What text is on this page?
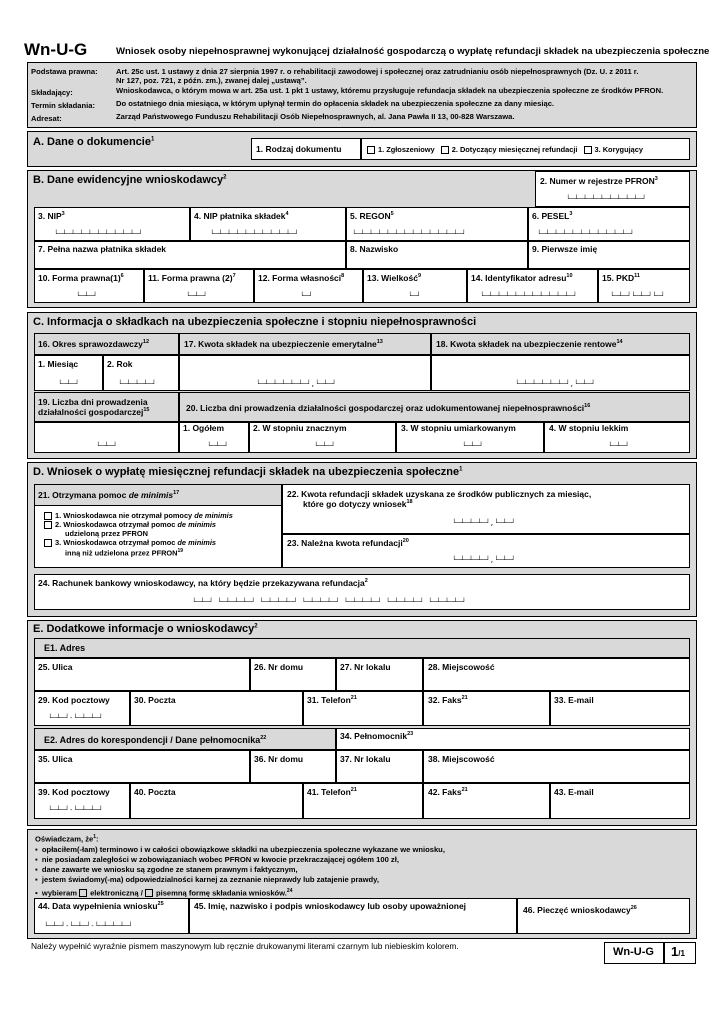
Wn-U-G	Wniosek osoby niepełnosprawnej wykonującej działalność gospodarczą o wypłatę refundacji składek na ubezpieczenia społeczne
Podstawa prawna: Art. 25c ust. 1 ustawy z dnia 27 sierpnia 1997 r. o rehabilitacji zawodowej i społecznej oraz zatrudnianiu osób niepełnosprawnych (Dz. U. z 2011 r.
Nr 127, poz. 721, z późn. zm.), zwanej dalej „ustawą”.
Składający:	Wnioskodawca, o którym mowa w art. 25a ust. 1 pkt 1 ustawy, któremu przysługuje refundacja składek na ubezpieczenia społeczne ze środków PFRON.
Termin składania:	Do ostatniego dnia miesiąca, w którym upłynął termin do opłacenia składek na ubezpieczenia społeczne za dany miesiąc.
Adresat:	Zarząd Państwowego Funduszu Rehabilitacji Osób Niepełnosprawnych, al. Jana Pawła II 13, 00-828 Warszawa.
A. Dane o dokumencie$^1$
1. Rodzaj dokumentu	1. Zgłoszeniowy 2. Dotyczący miesięcznej refundacji 3. Korygujący
B. Dane ewidencyjne wnioskodawcy$^2$	2. Numer w rejestrze PFRON$^3$
└─┴─┴─┴─┴─┴─┴─┴─┴─┘
3. NIP$^3$
└─┴─┴─┴─┴─┴─┴─┴─┴─┴─┘
4. NIP płatnika składek$^4$
└─┴─┴─┴─┴─┴─┴─┴─┴─┴─┘
5. REGON$^5$
└─┴─┴─┴─┴─┴─┴─┴─┴─┴─┴─┴─┴─┘
6. PESEL$^3$
└─┴─┴─┴─┴─┴─┴─┴─┴─┴─┴─┘
7. Pełna nazwa płatnika składek	8. Nazwisko	9. Pierwsze imię
10. Forma $prawna(1)^6$
└─┴─┘
11. Forma prawna $(2)^7$
└─┴─┘
12. Forma własności$^8$
└─┘
13. Wielkość$^9$
└─┘
14. Identyfikator adresu$^{10}$
└─┴─┴─┴─┴─┴─┴─┴─┴─┴─┴─┘
15. PKD$^{11}$
└─┴─┘└─┴─┘└─┘
C. Informacja o składkach na ubezpieczenia społeczne i stopniu niepełnosprawności
16. Okres sprawozdawczy$^{12}$	17. Kwota składek na ubezpieczenie emerytalne$^{13}$	18. Kwota składek na ubezpieczenie rentowe$^{14}$
1. Miesiąc
└─┴─┘
2. Rok
└─┴─┴─┴─┘	└─┴─┴─┴─┴─┴─┘,└─┴─┘	└─┴─┴─┴─┴─┴─┘,└─┴─┘
19. Liczba dni prowadzenia
działalności gospodarczej$^{15}$	20. Liczba dni prowadzenia działalności gospodarczej oraz udokumentowanej niepełnosprawności$^{16}$
└─┴─┘
1. Ogółem
└─┴─┘
2. W stopniu znacznym
└─┴─┘
3. W stopniu umiarkowanym
└─┴─┘
4. W stopniu lekkim
└─┴─┘
D. Wniosek o wypłatę miesięcznej refundacji składek na ubezpieczenia społeczne$^1$
21. Otrzymana pomoc de minimis$^{17}$
1. Wnioskodawca nie otrzymał pomocy de minimis
2. Wnioskodawca otrzymał pomoc de minimis
udzieloną przez PFRON
3. Wnioskodawca otrzymał pomoc de minimis
inną niż udzielona przez PFRON$^{19}$
22. Kwota refundacji składek uzyskana ze środków publicznych za miesiąc,
które go dotyczy wniosek$^{18}$
└─┴─┴─┴─┘,└─┴─┘
23. Należna kwota refundacji$^{20}$
└─┴─┴─┴─┘,└─┴─┘
24. Rachunek bankowy wnioskodawcy, na który będzie przekazywana refundacja$^2$
└─┴─┘ └─┴─┴─┴─┘ └─┴─┴─┴─┘ └─┴─┴─┴─┘ └─┴─┴─┴─┘ └─┴─┴─┴─┘ └─┴─┴─┴─┘
E. Dodatkowe informacje o wnioskodawcy$^2$
E1. Adres
25. Ulica	26. Nr domu	27. Nr lokalu	28. Miejscowość
29. Kod pocztowy
└─┴─┘-└─┴─┴─┘
30. Poczta	31. Telefon$^{21}$	32. Faks$^{21}$	33. E-mail
E2. Adres do korespondencji / Dane pełnomocnika$^{22}$	34. Pełnomocnik$^{23}$
35. Ulica	36. Nr domu	37. Nr lokalu	38. Miejscowość
39. Kod pocztowy
└─┴─┘-└─┴─┴─┘
40. Poczta	41. Telefon$^{21}$	42. Faks$^{21}$	43. E-mail
Oświadczam, $że^1$:
▪  opłaciłem(-łam) terminowo i w całości obowiązkowe składki na ubezpieczenia społeczne wykazane we wniosku,
▪  nie posiadam zaległości w zobowiązaniach wobec PFRON w kwocie przekraczającej ogółem 100 zł,
▪  dane zawarte we wniosku są zgodne ze stanem prawnym i faktycznym,
▪  jestem świadomy(-ma) odpowiedzialności karnej za zeznanie nieprawdy lub zatajenie prawdy,
▪  wybieram elektroniczną / pisemną formę składania wniosków.$^{24}$
44. Data wypełnienia wniosku$^{25}$
└─┴─┘-└─┴─┘-└─┴─┴─┴─┘
45. Imię, nazwisko i podpis wnioskodawcy lub osoby upoważnionej	46. Pieczęć wnioskodawcy$^{26}$
Należy wypełnić wyraźnie pismem maszynowym lub ręcznie drukowanymi literami czarnym lub niebieskim kolorem.	Wn-U-G 1/1
